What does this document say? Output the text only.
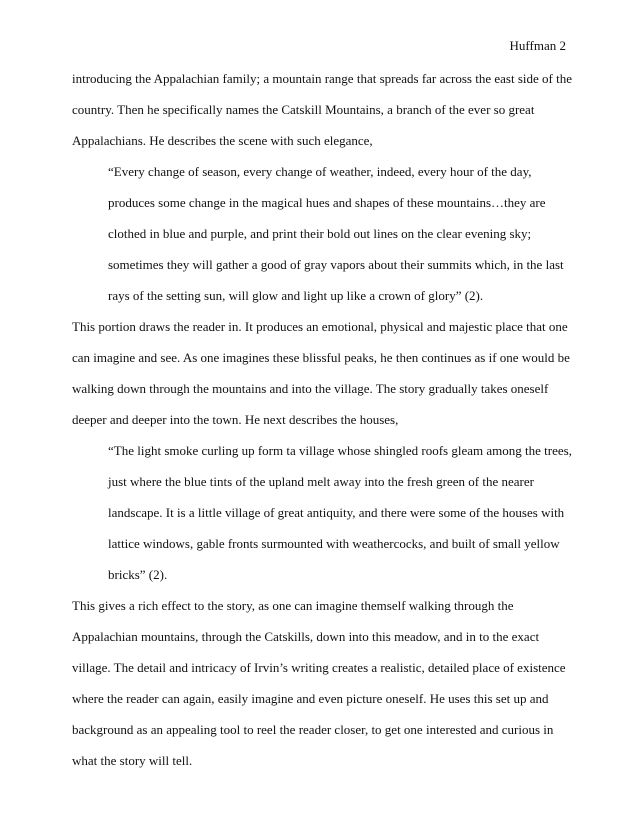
Huffman 2
introducing the Appalachian family; a mountain range that spreads far across the east side of the
country. Then he specifically names the Catskill Mountains, a branch of the ever so great
Appalachians. He describes the scene with such elegance,
“Every change of season, every change of weather, indeed, every hour of the day,
produces some change in the magical hues and shapes of these mountains…they are
clothed in blue and purple, and print their bold out lines on the clear evening sky;
sometimes they will gather a good of gray vapors about their summits which, in the last
rays of the setting sun, will glow and light up like a crown of glory” (2).
This portion draws the reader in. It produces an emotional, physical and majestic place that one
can imagine and see. As one imagines these blissful peaks, he then continues as if one would be
walking down through the mountains and into the village. The story gradually takes oneself
deeper and deeper into the town. He next describes the houses,
“The light smoke curling up form ta village whose shingled roofs gleam among the trees,
just where the blue tints of the upland melt away into the fresh green of the nearer
landscape. It is a little village of great antiquity, and there were some of the houses with
lattice windows, gable fronts surmounted with weathercocks, and built of small yellow
bricks” (2).
This gives a rich effect to the story, as one can imagine themself walking through the
Appalachian mountains, through the Catskills, down into this meadow, and in to the exact
village. The detail and intricacy of Irvin’s writing creates a realistic, detailed place of existence
where the reader can again, easily imagine and even picture oneself. He uses this set up and
background as an appealing tool to reel the reader closer, to get one interested and curious in
what the story will tell.
